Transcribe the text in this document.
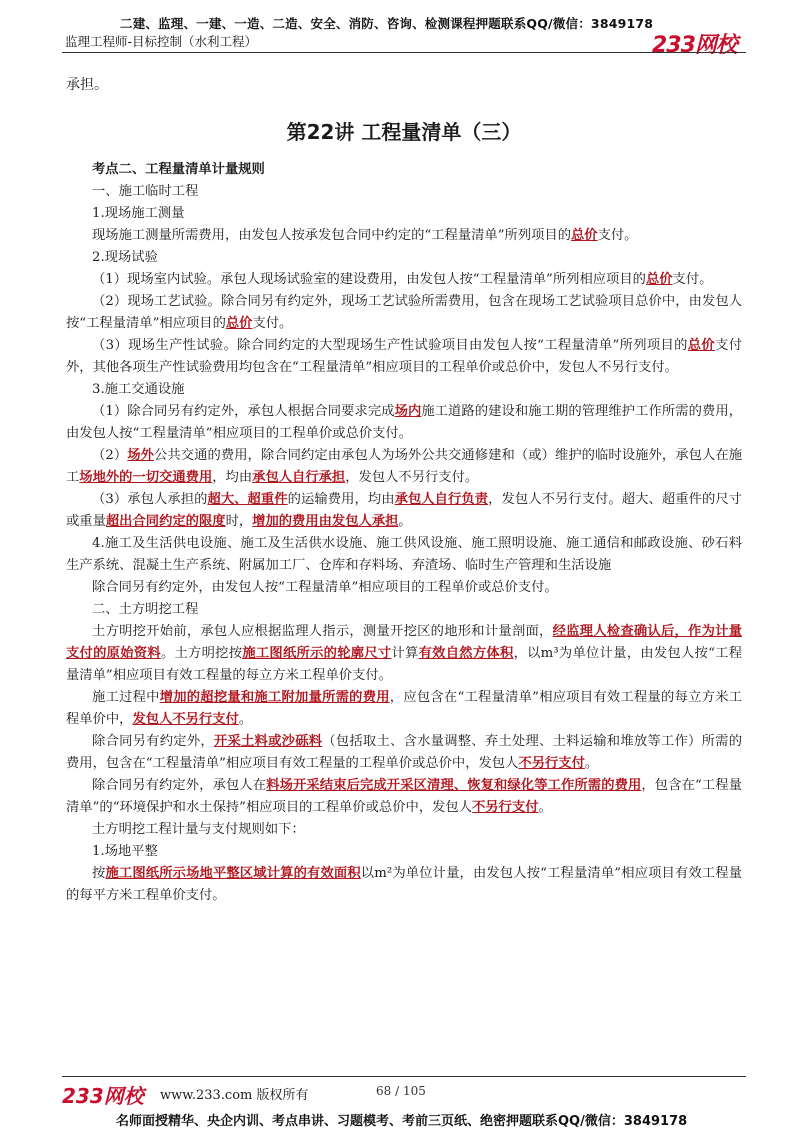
二建、监理、一建、一造、二造、安全、消防、咨询、检测课程押题联系QQ/微信：3849178
监理工程师-目标控制（水利工程）	233网校

承担。

第22讲 工程量清单（三）

考点二、工程量清单计量规则

一、施工临时工程

1.现场施工测量

现场施工测量所需费用，由发包人按承发包合同中约定的“工程量清单”所列项目的总价支付。

2.现场试验

（1）现场室内试验。承包人现场试验室的建设费用，由发包人按“工程量清单”所列相应项目的总价支付。

（2）现场工艺试验。除合同另有约定外，现场工艺试验所需费用，包含在现场工艺试验项目总价中，由发包人按“工程量清单”相应项目的总价支付。

（3）现场生产性试验。除合同约定的大型现场生产性试验项目由发包人按“工程量清单”所列项目的总价支付外，其他各项生产性试验费用均包含在“工程量清单”相应项目的工程单价或总价中，发包人不另行支付。

3.施工交通设施

（1）除合同另有约定外，承包人根据合同要求完成场内施工道路的建设和施工期的管理维护工作所需的费用，由发包人按“工程量清单”相应项目的工程单价或总价支付。

（2）场外公共交通的费用，除合同约定由承包人为场外公共交通修建和（或）维护的临时设施外，承包人在施工场地外的一切交通费用，均由承包人自行承担，发包人不另行支付。

（3）承包人承担的超大、超重件的运输费用，均由承包人自行负责，发包人不另行支付。超大、超重件的尺寸或重量超出合同约定的限度时，增加的费用由发包人承担。

4.施工及生活供电设施、施工及生活供水设施、施工供风设施、施工照明设施、施工通信和邮政设施、砂石料生产系统、混凝土生产系统、附属加工厂、仓库和存料场、弃渣场、临时生产管理和生活设施

除合同另有约定外，由发包人按“工程量清单”相应项目的工程单价或总价支付。

二、土方明挖工程

土方明挖开始前，承包人应根据监理人指示，测量开挖区的地形和计量剖面，经监理人检查确认后，作为计量支付的原始资料。土方明挖按施工图纸所示的轮廓尺寸计算有效自然方体积，以m³为单位计量，由发包人按“工程量清单”相应项目有效工程量的每立方米工程单价支付。

施工过程中增加的超挖量和施工附加量所需的费用，应包含在“工程量清单”相应项目有效工程量的每立方米工程单价中，发包人不另行支付。

除合同另有约定外，开采土料或沙砾料（包括取土、含水量调整、弃土处理、土料运输和堆放等工作）所需的费用，包含在“工程量清单”相应项目有效工程量的工程单价或总价中，发包人不另行支付。

除合同另有约定外，承包人在料场开采结束后完成开采区清理、恢复和绿化等工作所需的费用，包含在“工程量清单”的“环境保护和水土保持”相应项目的工程单价或总价中，发包人不另行支付。

土方明挖工程计量与支付规则如下：

1.场地平整

按施工图纸所示场地平整区域计算的有效面积以m²为单位计量，由发包人按“工程量清单”相应项目有效工程量的每平方米工程单价支付。

233网校 www.233.com 版权所有	68 / 105
名师面授精华、央企内训、考点串讲、习题模考、考前三页纸、绝密押题联系QQ/微信：3849178
